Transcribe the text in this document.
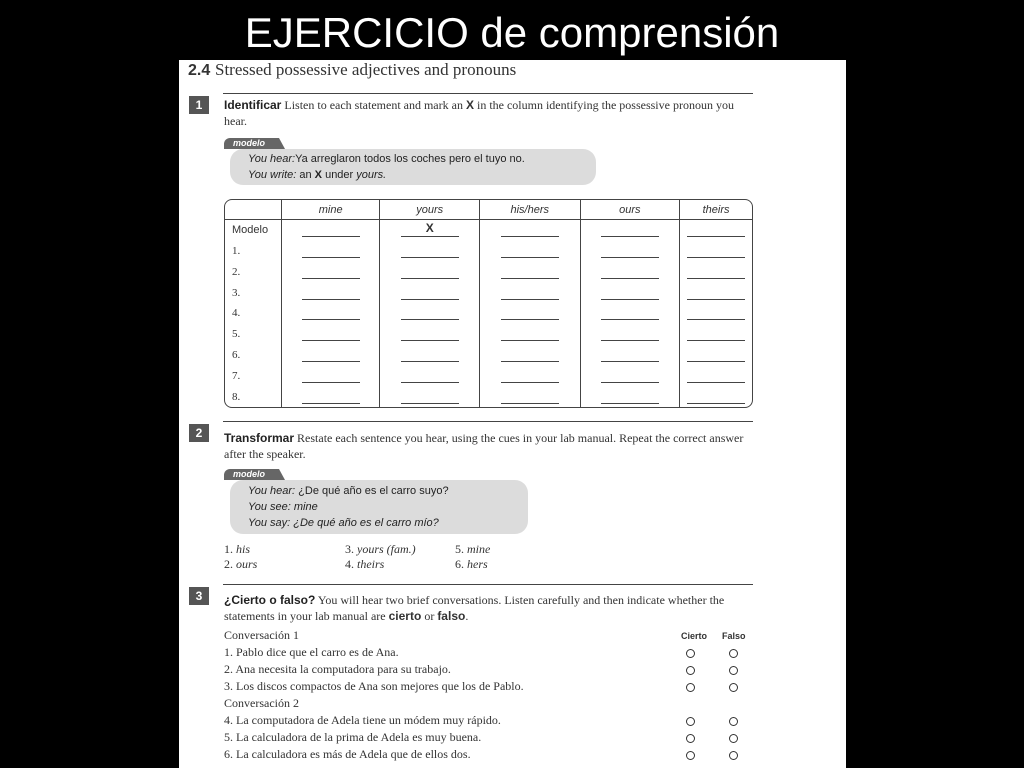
EJERCICIO de comprensión
2.4 Stressed possessive adjectives and pronouns
1	Identificar Listen to each statement and mark an X in the column identifying the possessive pronoun you hear.
modelo
You hear:Ya arreglaron todos los coches pero el tuyo no.
You write: an X under yours.
	mine	yours	his/hers	ours	theirs
Modelo		X			
1.					
2.					
3.					
4.					
5.					
6.					
7.					
8.					
2	Transformar Restate each sentence you hear, using the cues in your lab manual. Repeat the correct answer after the speaker.
modelo
You hear: ¿De qué año es el carro suyo?
You see: mine
You say: ¿De qué año es el carro mío?
1. his
2. ours
3. yours (fam.)
4. theirs
5. mine
6. hers
3	¿Cierto o falso? You will hear two brief conversations. Listen carefully and then indicate whether the statements in your lab manual are cierto or falso.
Cierto Falso
Conversación 1
1. Pablo dice que el carro es de Ana.
2. Ana necesita la computadora para su trabajo.
3. Los discos compactos de Ana son mejores que los de Pablo.
Conversación 2
4. La computadora de Adela tiene un módem muy rápido.
5. La calculadora de la prima de Adela es muy buena.
6. La calculadora es más de Adela que de ellos dos.
